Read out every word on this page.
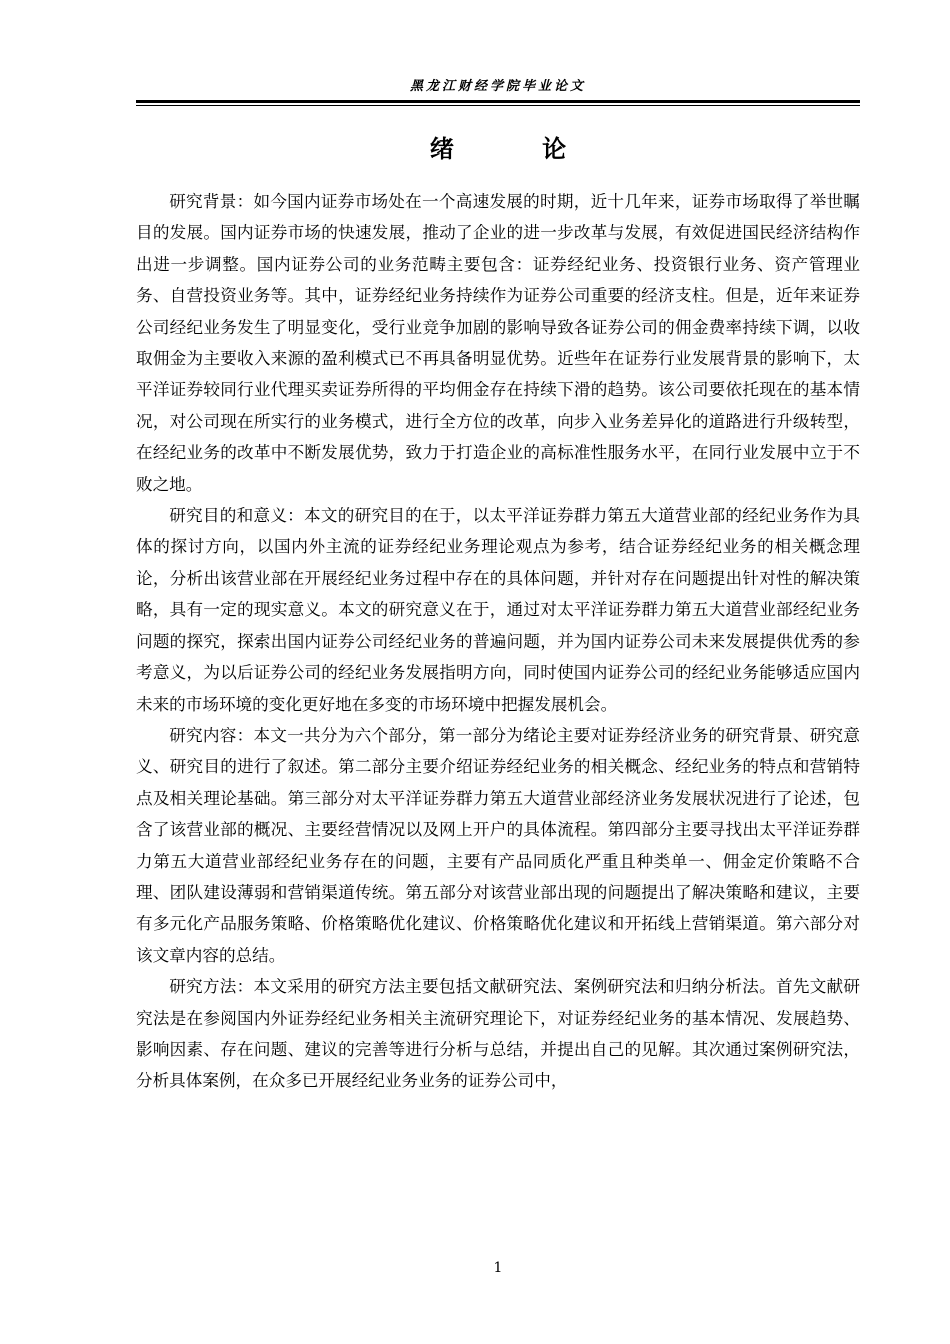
黑龙江财经学院毕业论文
绪 论

研究背景：如今国内证券市场处在一个高速发展的时期，近十几年来，证券市场取得了举世瞩目的发展。国内证券市场的快速发展，推动了企业的进一步改革与发展，有效促进国民经济结构作出进一步调整。国内证券公司的业务范畴主要包含：证券经纪业务、投资银行业务、资产管理业务、自营投资业务等。其中，证券经纪业务持续作为证券公司重要的经济支柱。但是，近年来证券公司经纪业务发生了明显变化，受行业竞争加剧的影响导致各证券公司的佣金费率持续下调，以收取佣金为主要收入来源的盈利模式已不再具备明显优势。近些年在证券行业发展背景的影响下，太平洋证券较同行业代理买卖证券所得的平均佣金存在持续下滑的趋势。该公司要依托现在的基本情况，对公司现在所实行的业务模式，进行全方位的改革，向步入业务差异化的道路进行升级转型，在经纪业务的改革中不断发展优势，致力于打造企业的高标准性服务水平，在同行业发展中立于不败之地。

研究目的和意义：本文的研究目的在于，以太平洋证券群力第五大道营业部的经纪业务作为具体的探讨方向，以国内外主流的证券经纪业务理论观点为参考，结合证券经纪业务的相关概念理论，分析出该营业部在开展经纪业务过程中存在的具体问题，并针对存在问题提出针对性的解决策略，具有一定的现实意义。本文的研究意义在于，通过对太平洋证券群力第五大道营业部经纪业务问题的探究，探索出国内证券公司经纪业务的普遍问题，并为国内证券公司未来发展提供优秀的参考意义，为以后证券公司的经纪业务发展指明方向，同时使国内证券公司的经纪业务能够适应国内未来的市场环境的变化更好地在多变的市场环境中把握发展机会。

研究内容：本文一共分为六个部分，第一部分为绪论主要对证券经济业务的研究背景、研究意义、研究目的进行了叙述。第二部分主要介绍证券经纪业务的相关概念、经纪业务的特点和营销特点及相关理论基础。第三部分对太平洋证券群力第五大道营业部经济业务发展状况进行了论述，包含了该营业部的概况、主要经营情况以及网上开户的具体流程。第四部分主要寻找出太平洋证券群力第五大道营业部经纪业务存在的问题，主要有产品同质化严重且种类单一、佣金定价策略不合理、团队建设薄弱和营销渠道传统。第五部分对该营业部出现的问题提出了解决策略和建议，主要有多元化产品服务策略、价格策略优化建议、价格策略优化建议和开拓线上营销渠道。第六部分对该文章内容的总结。

研究方法：本文采用的研究方法主要包括文献研究法、案例研究法和归纳分析法。首先文献研究法是在参阅国内外证券经纪业务相关主流研究理论下，对证券经纪业务的基本情况、发展趋势、影响因素、存在问题、建议的完善等进行分析与总结，并提出自己的见解。其次通过案例研究法，分析具体案例，在众多已开展经纪业务业务的证券公司中，

1
